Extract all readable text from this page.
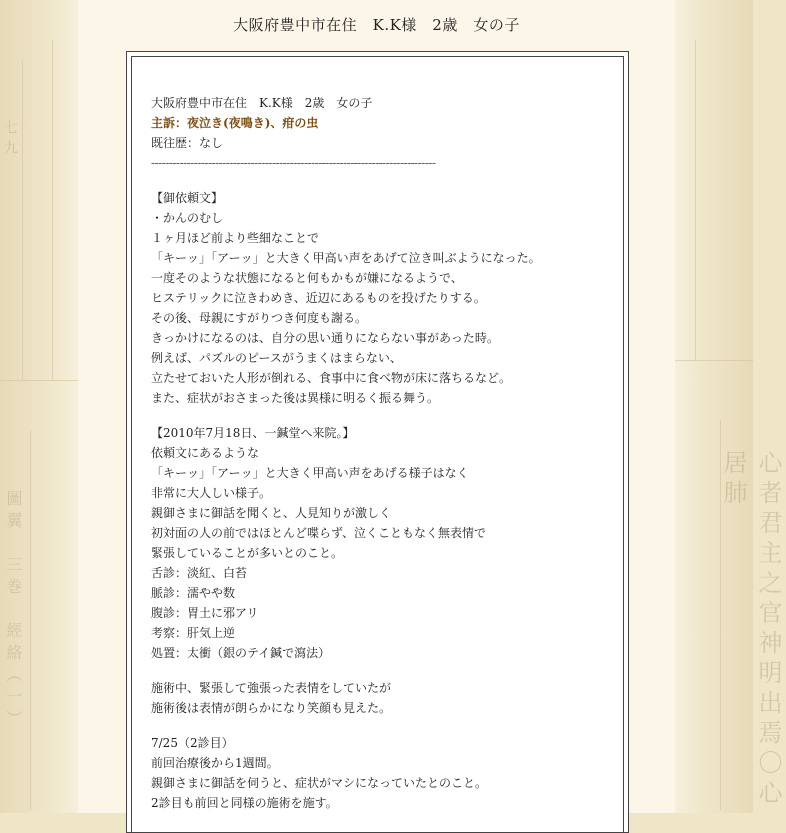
七九
圖翼　三巻　經絡（一）	心者君主之官神明出焉〇心居肺
大阪府豊中市在住　K.K様　2歳　女の子
大阪府豊中市在住　K.K様　2歳　女の子
主訴：夜泣き(夜鳴き)、疳の虫
既往歴：なし
--------------------------------------------------------------------------------
【御依頼文】
・かんのむし
１ヶ月ほど前より些細なことで
「キーッ」「アーッ」と大きく甲高い声をあげて泣き叫ぶようになった。
一度そのような状態になると何もかもが嫌になるようで、
ヒステリックに泣きわめき、近辺にあるものを投げたりする。
その後、母親にすがりつき何度も謝る。
きっかけになるのは、自分の思い通りにならない事があった時。
例えば、パズルのピースがうまくはまらない、
立たせておいた人形が倒れる、食事中に食べ物が床に落ちるなど。
また、症状がおさまった後は異様に明るく振る舞う。
【2010年7月18日、一鍼堂へ来院。】
依頼文にあるような
「キーッ」「アーッ」と大きく甲高い声をあげる様子はなく
非常に大人しい様子。
親御さまに御話を聞くと、人見知りが激しく
初対面の人の前ではほとんど喋らず、泣くこともなく無表情で
緊張していることが多いとのこと。
舌診：淡紅、白苔
脈診：濡やや数
腹診：胃土に邪アリ
考察：肝気上逆
処置：太衝（銀のテイ鍼で瀉法）
施術中、緊張して強張った表情をしていたが
施術後は表情が朗らかになり笑顔も見えた。
7/25（2診目）
前回治療後から1週間。
親御さまに御話を伺うと、症状がマシになっていたとのこと。
2診目も前回と同様の施術を施す。
